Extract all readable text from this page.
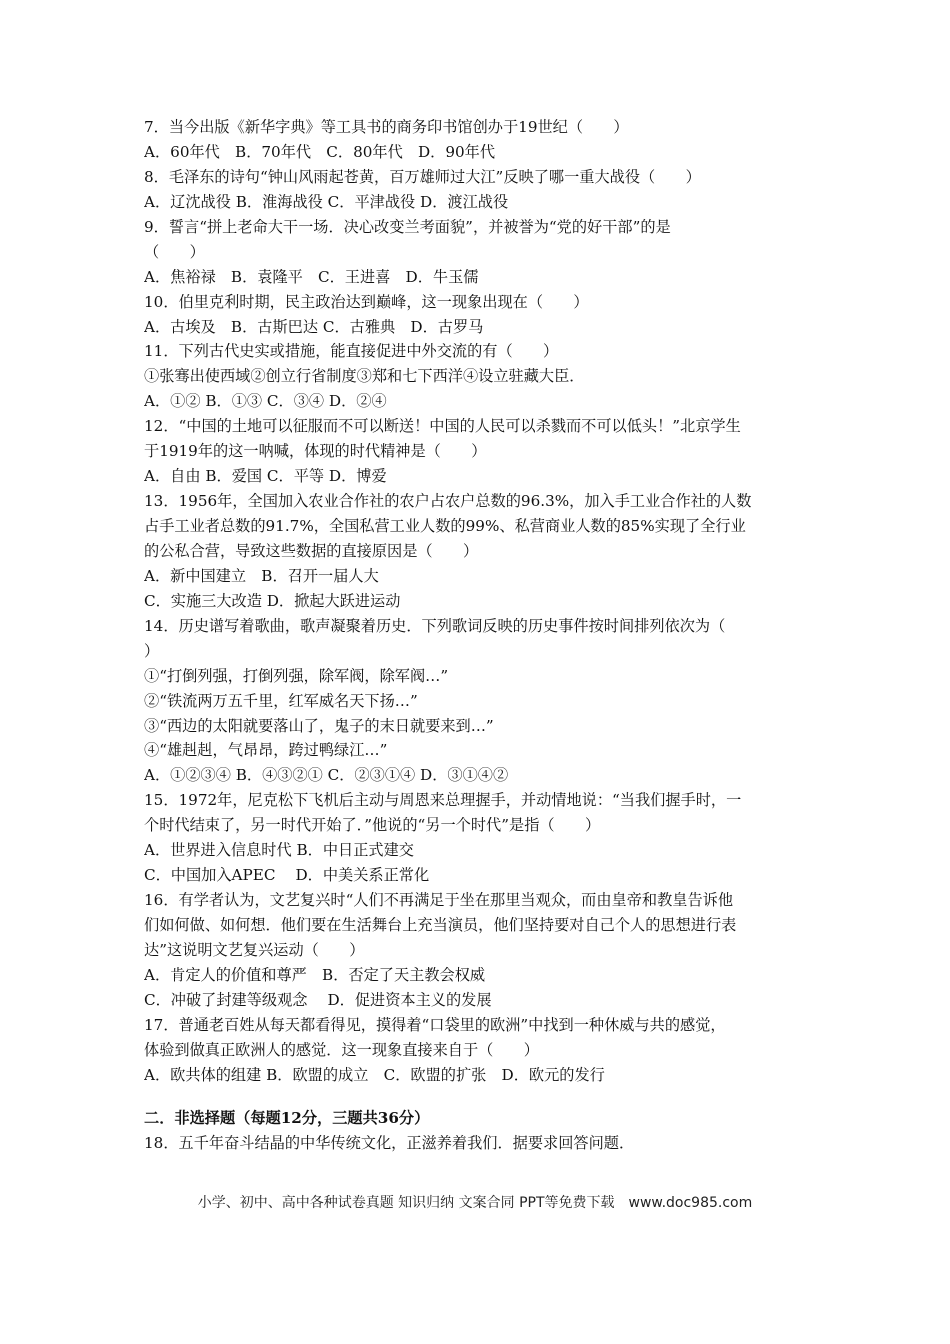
7．当今出版《新华字典》等工具书的商务印书馆创办于19世纪（　　）
A．60年代　B．70年代　C．80年代　D．90年代
8．毛泽东的诗句“钟山风雨起苍黄，百万雄师过大江”反映了哪一重大战役（　　）
A．辽沈战役 B．淮海战役 C．平津战役 D．渡江战役
9．誓言“拼上老命大干一场．决心改变兰考面貌”，并被誉为“党的好干部”的是
（　　）
A．焦裕禄　B．袁隆平　C．王进喜　D．牛玉儒
10．伯里克利时期，民主政治达到巅峰，这一现象出现在（　　）
A．古埃及　B．古斯巴达 C．古雅典　D．古罗马
11．下列古代史实或措施，能直接促进中外交流的有（　　）
①张骞出使西域②创立行省制度③郑和七下西洋④设立驻藏大臣．
A．①② B．①③ C．③④ D．②④
12．“中国的土地可以征服而不可以断送！中国的人民可以杀戮而不可以低头！”北京学生
于1919年的这一呐喊，体现的时代精神是（　　）
A．自由 B．爱国 C．平等 D．博爱
13．1956年，全国加入农业合作社的农户占农户总数的96.3%，加入手工业合作社的人数
占手工业者总数的91.7%，全国私营工业人数的99%、私营商业人数的85%实现了全行业
的公私合营，导致这些数据的直接原因是（　　）
A．新中国建立　B．召开一届人大
C．实施三大改造 D．掀起大跃进运动
14．历史谱写着歌曲，歌声凝聚着历史．下列歌词反映的历史事件按时间排列依次为（
）
①“打倒列强，打倒列强，除军阀，除军阀…”
②“铁流两万五千里，红军威名天下扬…”
③“西边的太阳就要落山了，鬼子的末日就要来到…”
④“雄赳赳，气昂昂，跨过鸭绿江…”
A．①②③④ B．④③②① C．②③①④ D．③①④②
15．1972年，尼克松下飞机后主动与周恩来总理握手，并动情地说：“当我们握手时，一
个时代结束了，另一时代开始了．”他说的“另一个时代”是指（　　）
A．世界进入信息时代 B．中日正式建交
C．中国加入APEC　 D．中美关系正常化
16．有学者认为，文艺复兴时“人们不再满足于坐在那里当观众，而由皇帝和教皇告诉他
们如何做、如何想．他们要在生活舞台上充当演员，他们坚持要对自己个人的思想进行表
达”这说明文艺复兴运动（　　）
A．肯定人的价值和尊严　B．否定了天主教会权威
C．冲破了封建等级观念　 D．促进资本主义的发展
17．普通老百姓从每天都看得见，摸得着“口袋里的欧洲”中找到一种休威与共的感觉，
体验到做真正欧洲人的感觉．这一现象直接来自于（　　）
A．欧共体的组建 B．欧盟的成立　C．欧盟的扩张　D．欧元的发行
二．非选择题（每题12分，三题共36分）
18．五千年奋斗结晶的中华传统文化，正滋养着我们．据要求回答问题．
小学、初中、高中各种试卷真题 知识归纳 文案合同 PPT等免费下载　www.doc985.com
